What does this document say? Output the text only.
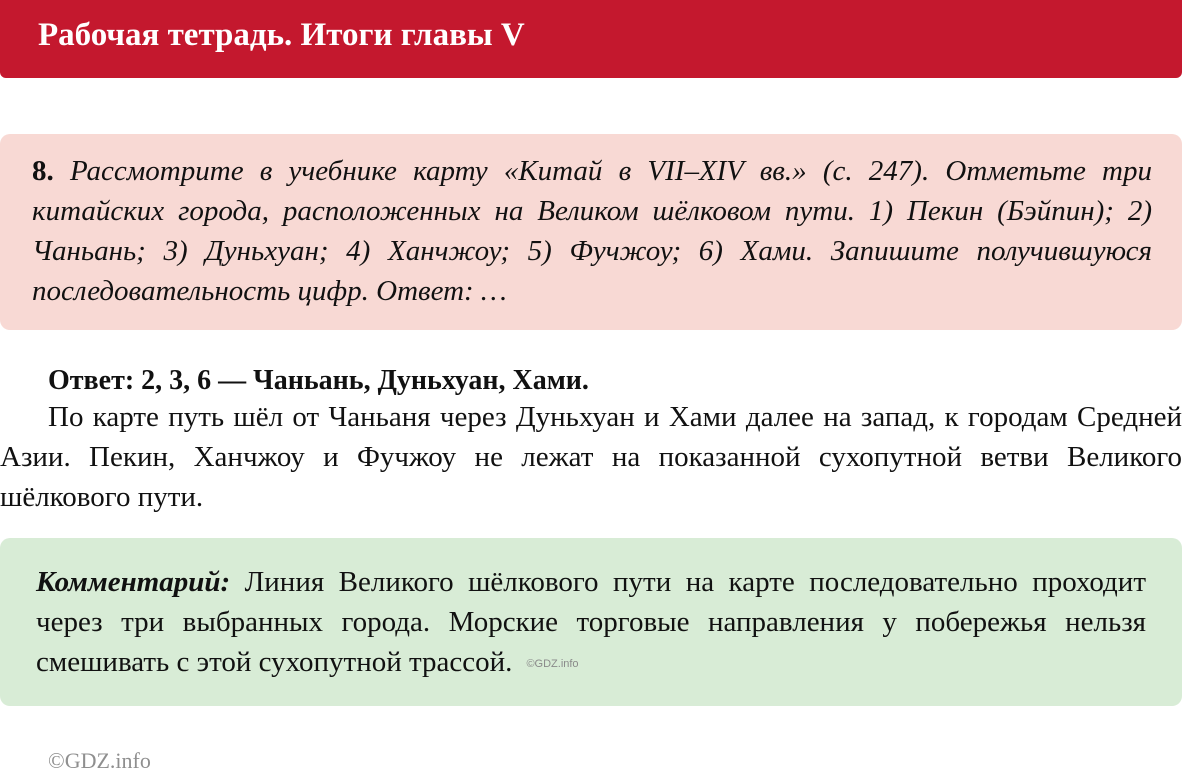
Рабочая тетрадь. Итоги главы V
8. Рассмотрите в учебнике карту «Китай в VII–XIV вв.» (с. 247). Отметьте три китайских города, расположенных на Великом шёлковом пути. 1) Пекин (Бэйпин); 2) Чаньань; 3) Дуньхуан; 4) Ханчжоу; 5) Фучжоу; 6) Хами. Запишите получившуюся последовательность цифр. Ответ: …
Ответ: 2, 3, 6 — Чаньань, Дуньхуан, Хами.
По карте путь шёл от Чаньаня через Дуньхуан и Хами далее на запад, к городам Средней Азии. Пекин, Ханчжоу и Фучжоу не лежат на показанной сухопутной ветви Великого шёлкового пути.
Комментарий: Линия Великого шёлкового пути на карте последовательно проходит через три выбранных города. Морские торговые направления у побережья нельзя смешивать с этой сухопутной трассой. ©GDZ.info
©GDZ.info
